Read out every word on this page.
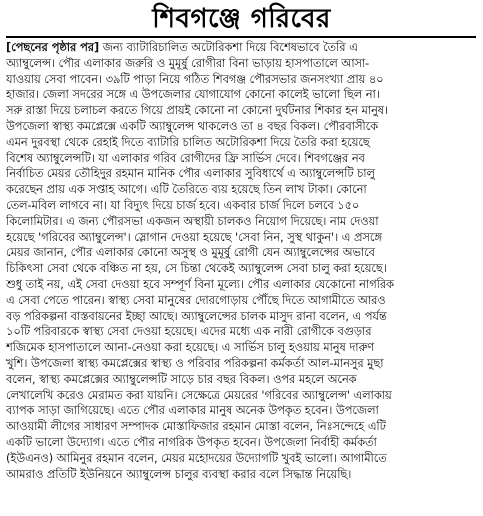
শিবগঞ্জে গরিবের
[পেছনের পৃষ্ঠার পর] জন্য ব্যাটারিচালিত অটোরিকশা দিয়ে বিশেষভাবে তৈরি এ
অ্যাম্বুলেন্স। পৌর এলাকার জরুরি ও মুমূর্ষু রোগীরা বিনা ভাড়ায় হাসপাতালে আসা-
যাওয়ায় সেবা পাবেন। ৩৯টি পাড়া নিয়ে গঠিত শিবগঞ্জ পৌরসভার জনসংখ্যা প্রায় ৪০
হাজার। জেলা সদরের সঙ্গে এ উপজেলার যোগাযোগ কোনো কালেই ভালো ছিল না।
সরু রাস্তা দিয়ে চলাচল করতে গিয়ে প্রায়ই কোনো না কোনো দুর্ঘটনার শিকার হন মানুষ।
উপজেলা স্বাস্থ্য কমপ্লেক্সে একটি অ্যাম্বুলেন্স থাকলেও তা ৪ বছর বিকল। পৌরবাসীকে
এমন দুরবস্থা থেকে রেহাই দিতে ব্যাটারি চালিত অটোরিকশা দিয়ে তৈরি করা হয়েছে
বিশেষ অ্যাম্বুলেন্সটি। যা এলাকার গরিব রোগীদের ফ্রি সার্ভিস দেবে। শিবগঞ্জের নব
নির্বাচিত মেয়র তৌহিদুর রহমান মানিক পৌর এলাকার সুবিধার্থে এ অ্যাম্বুলেন্সটি চালু
করেছেন প্রায় এক সপ্তাহ আগে। এটি তৈরিতে ব্যয় হয়েছে তিন লাখ টাকা। কোনো
তেল-মবিল লাগবে না। যা বিদ্যুৎ দিয়ে চার্জ হবে। একবার চার্জ দিলে চলবে ১৫০
কিলোমিটার। এ জন্য পৌরসভা একজন অস্থায়ী চালকও নিয়োগ দিয়েছে। নাম দেওয়া
হয়েছে 'গরিবের অ্যাম্বুলেন্স'। স্লোগান দেওয়া হয়েছে 'সেবা নিন, সুস্থ থাকুন'। এ প্রসঙ্গে
মেয়র জানান, পৌর এলাকার কোনো অসুস্থ ও মুমূর্ষু রোগী যেন অ্যাম্বুলেন্সের অভাবে
চিকিৎসা সেবা থেকে বঞ্চিত না হয়, সে চিন্তা থেকেই অ্যাম্বুলেন্স সেবা চালু করা হয়েছে।
শুধু তাই নয়, এই সেবা দেওয়া হবে সম্পূর্ণ বিনা মূল্যে। পৌর এলাকার যেকোনো নাগরিক
এ সেবা পেতে পারেন। স্বাস্থ্য সেবা মানুষের দোরগোড়ায় পৌঁছে দিতে আগামীতে আরও
বড় পরিকল্পনা বাস্তবায়নের ইচ্ছা আছে। অ্যাম্বুলেন্সের চালক মাসুদ রানা বলেন, এ পর্যন্ত
১০টি পরিবারকে স্বাস্থ্য সেবা দেওয়া হয়েছে। এদের মধ্যে এক নারী রোগীকে বগুড়ার
শজিমেক হাসপাতালে আনা-নেওয়া করা হয়েছে। এ সার্ভিস চালু হওয়ায় মানুষ দারুণ
খুশি। উপজেলা স্বাস্থ্য কমপ্লেক্সের স্বাস্থ্য ও পরিবার পরিকল্পনা কর্মকর্তা আল-মানসুর মুছা
বলেন, স্বাস্থ্য কমপ্লেক্সের অ্যাম্বুলেন্সটি সাড়ে চার বছর বিকল। ওপর মহলে অনেক
লেখালেখি করেও মেরামত করা যায়নি। সেক্ষেত্রে মেয়রের 'গরিবের অ্যাম্বুলেন্স' এলাকায়
ব্যাপক সাড়া জাগিয়েছে। এতে পৌর এলাকার মানুষ অনেক উপকৃত হবেন। উপজেলা
আওয়ামী লীগের সাধারণ সম্পাদক মোস্তাফিজার রহমান মোস্তা বলেন, নিঃসন্দেহে এটি
একটি ভালো উদ্যোগ। এতে পৌর নাগরিক উপকৃত হবেন। উপজেলা নির্বাহী কর্মকর্তা
(ইউএনও) আমিনুর রহমান বলেন, মেয়র মহোদয়ের উদ্যোগটি খুবই ভালো। আগামীতে
আমরাও প্রতিটি ইউনিয়নে অ্যাম্বুলেন্স চালুর ব্যবস্থা করার বলে সিদ্ধান্ত নিয়েছি।
